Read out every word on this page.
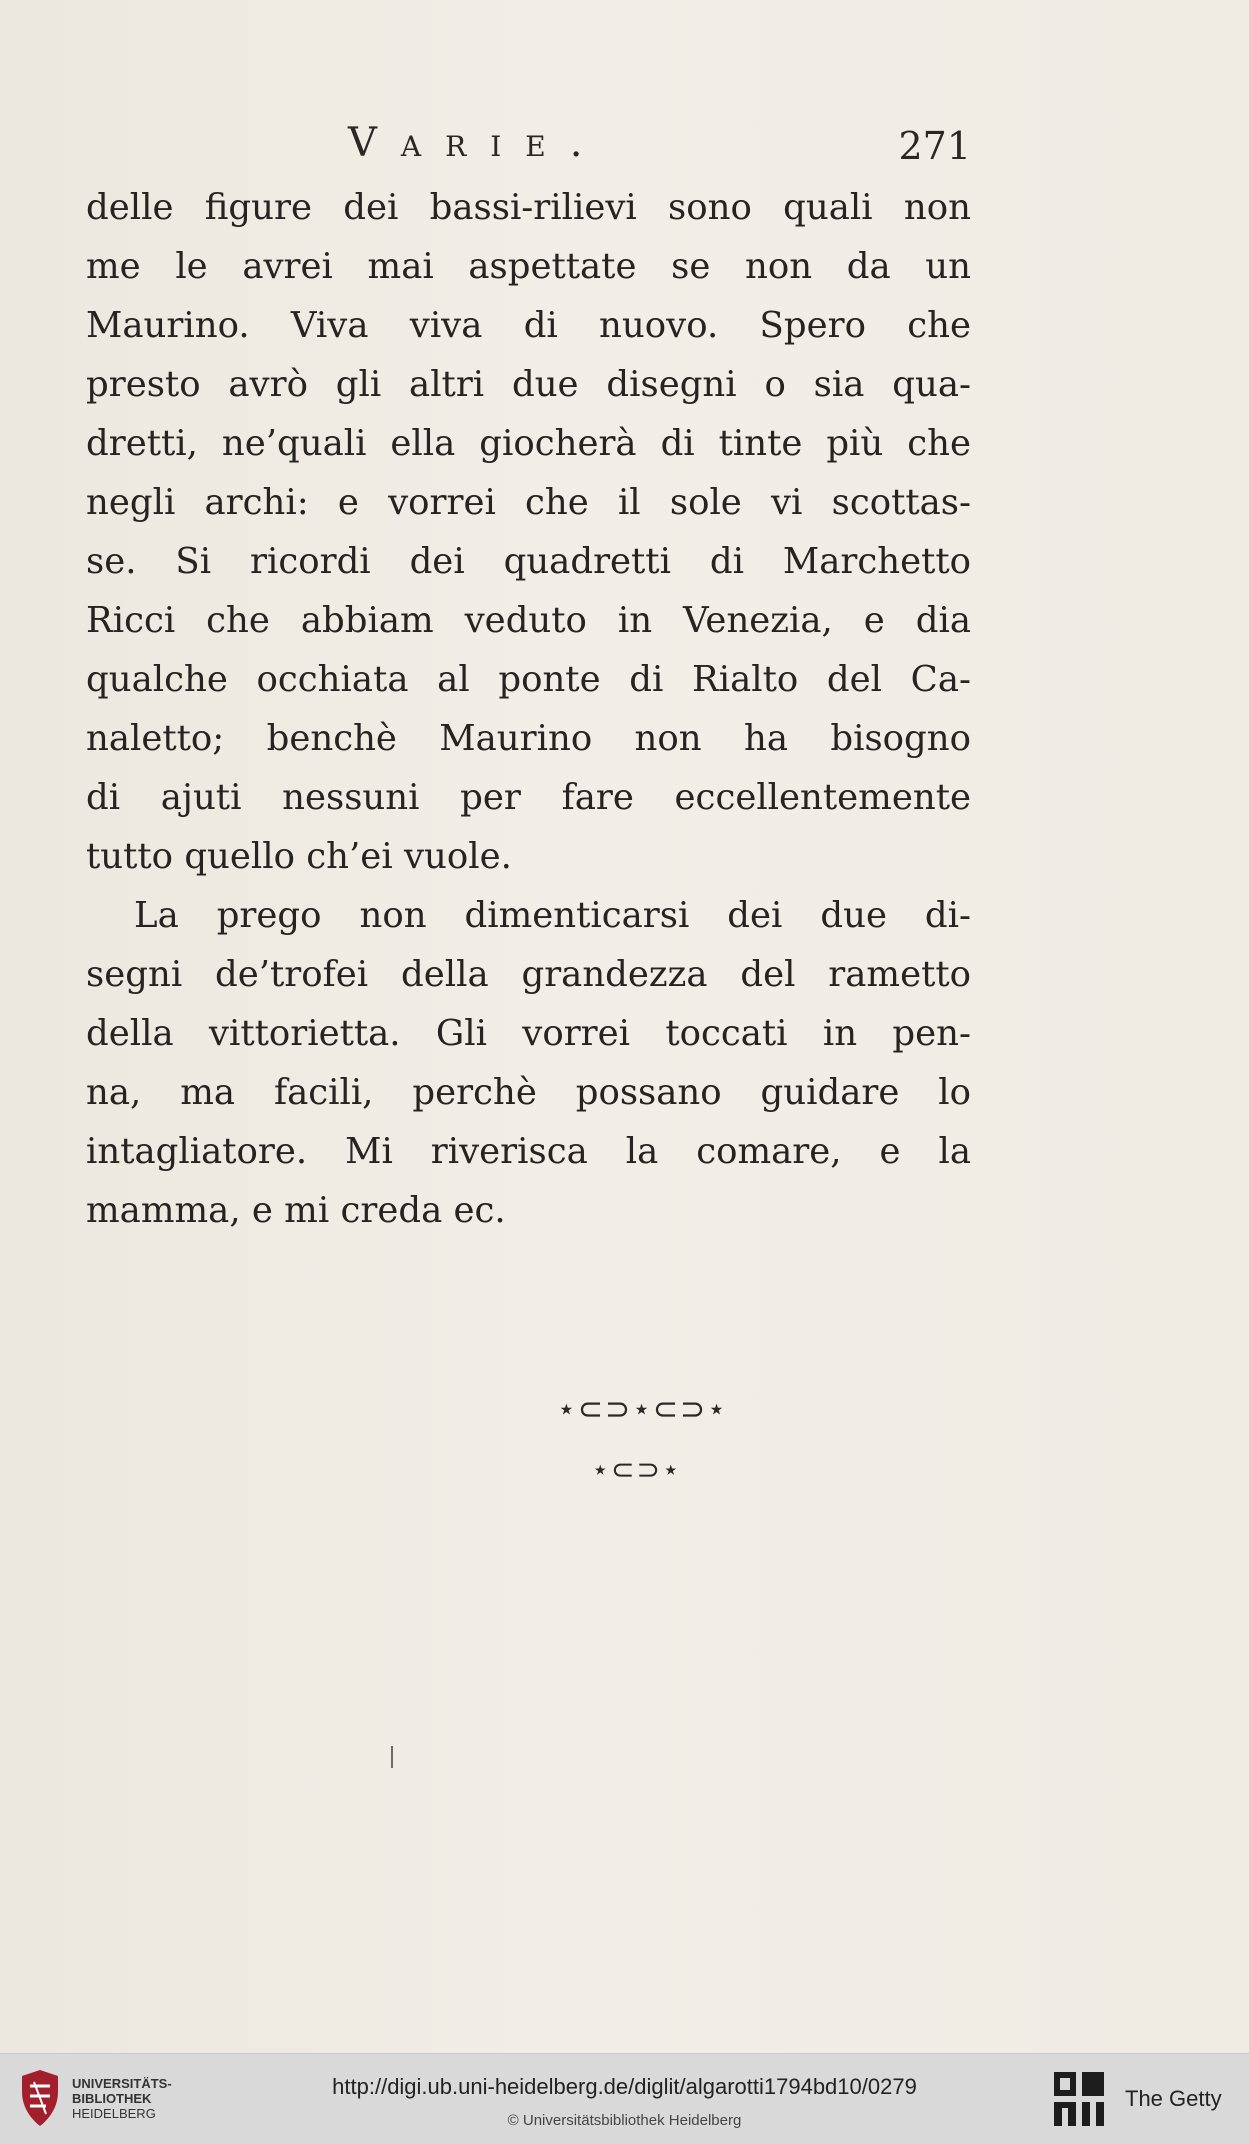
Varie.	271
delle figure dei bassi-rilievi sono quali non
me le avrei mai aspettate se non da un
Maurino. Viva viva di nuovo. Spero che
presto avrò gli altri due disegni o sia qua-
dretti, ne’quali ella giocherà di tinte più che
negli archi: e vorrei che il sole vi scottas-
se. Si ricordi dei quadretti di Marchetto
Ricci che abbiam veduto in Venezia, e dia
qualche occhiata al ponte di Rialto del Ca-
naletto; benchè Maurino non ha bisogno
di ajuti nessuni per fare eccellentemente
tutto quello ch’ei vuole.
La prego non dimenticarsi dei due di-
segni de’trofei della grandezza del rametto
della vittorietta. Gli vorrei toccati in pen-
na, ma facili, perchè possano guidare lo
intagliatore. Mi riverisca la comare, e la
mamma, e mi creda ec.
⋆⊂⊃⋆⊂⊃⋆
⋆⊂⊃⋆
UNIVERSITÄTS-
BIBLIOTHEK
HEIDELBERG
http://digi.ub.uni-heidelberg.de/diglit/algarotti1794bd10/0279
© Universitätsbibliothek Heidelberg
The Getty
